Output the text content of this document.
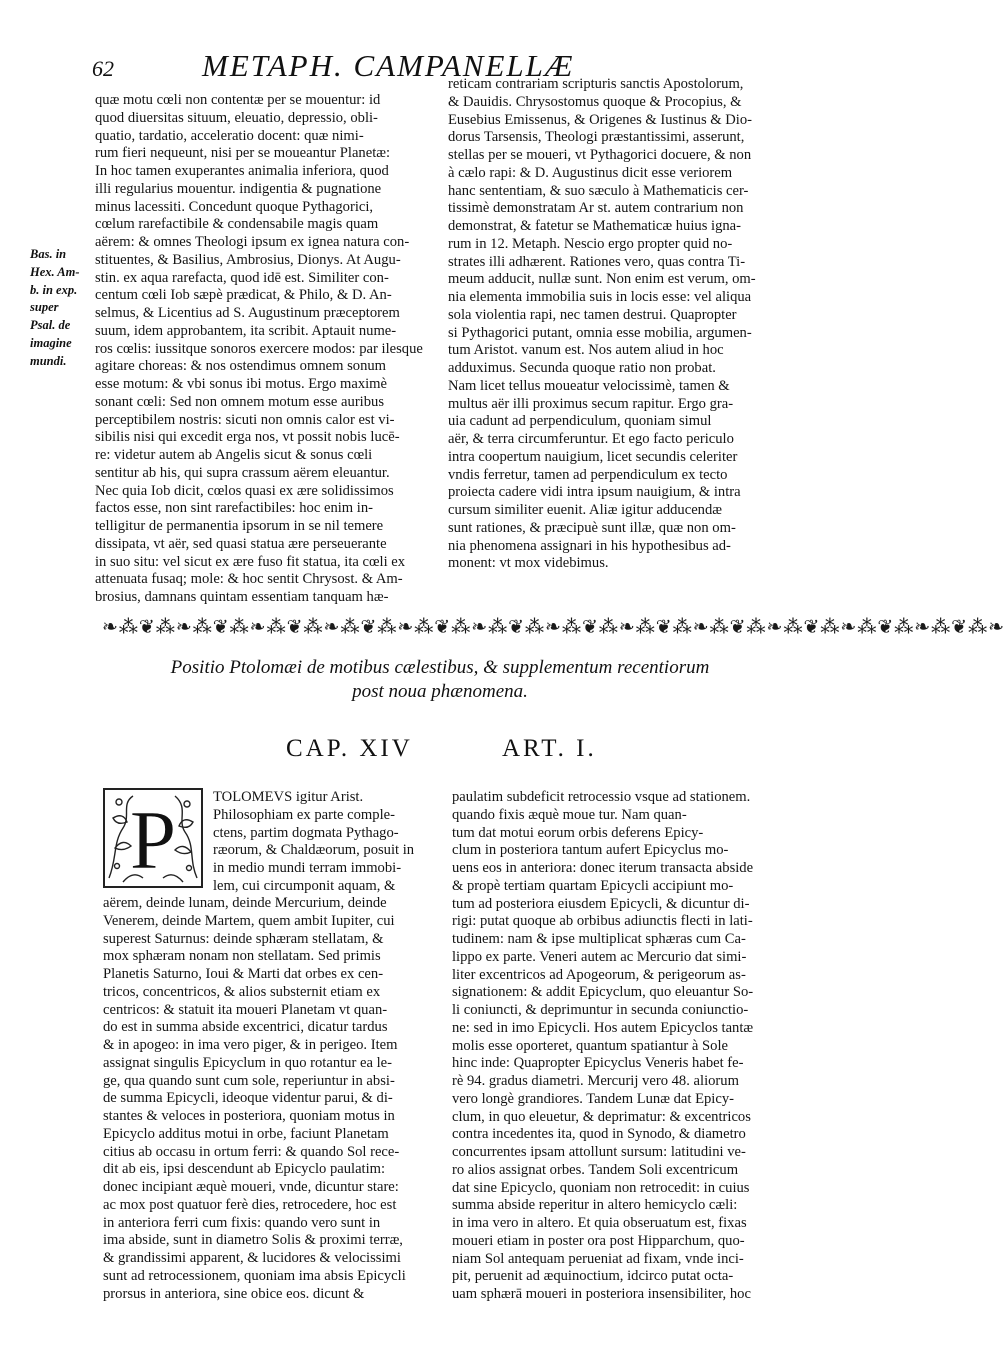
62	METAPH. CAMPANELLÆ
quæ motu cœli non contentæ per se mouentur: id
quod diuersitas situum, eleuatio, depressio, obli-
quatio, tardatio, acceleratio docent: quæ nimi-
rum fieri nequeunt, nisi per se moueantur Planetæ:
In hoc tamen exuperantes animalia inferiora, quod
illi regularius mouentur. indigentia & pugnatione
minus lacessiti. Concedunt quoque Pythagorici,
cœlum rarefactibile & condensabile magis quam
aërem: & omnes Theologi ipsum ex ignea natura con-
stituentes, & Basilius, Ambrosius, Dionys. At Augu-
stin. ex aqua rarefacta, quod idē est. Similiter con-
centum cœli Iob sæpè prædicat, & Philo, & D. An-
selmus, & Licentius ad S. Augustinum præceptorem
suum, idem approbantem, ita scribit. Aptauit nume-
ros cœlis: iussitque sonoros exercere modos: par ilesque
agitare choreas: & nos ostendimus omnem sonum
esse motum: & vbi sonus ibi motus. Ergo maximè
sonant cœli: Sed non omnem motum esse auribus
perceptibilem nostris: sicuti non omnis calor est vi-
sibilis nisi qui excedit erga nos, vt possit nobis lucē-
re: videtur autem ab Angelis sicut & sonus cœli
sentitur ab his, qui supra crassum aërem eleuantur.
Nec quia Iob dicit, cœlos quasi ex ære solidissimos
factos esse, non sint rarefactibiles: hoc enim in-
telligitur de permanentia ipsorum in se nil temere
dissipata, vt aër, sed quasi statua ære perseuerante
in suo situ: vel sicut ex ære fuso fit statua, ita cœli ex
attenuata fusaq; mole: & hoc sentit Chrysost. & Am-
brosius, damnans quintam essentiam tanquam hæ-
Bas. in
Hex. Am-
b. in exp.
super
Psal. de
imagine
mundi.
reticam contrariam scripturis sanctis Apostolorum,
& Dauidis. Chrysostomus quoque & Procopius, &
Eusebius Emissenus, & Origenes & Iustinus & Dio-
dorus Tarsensis, Theologi præstantissimi, asserunt,
stellas per se moueri, vt Pythagorici docuere, & non
à cælo rapi: & D. Augustinus dicit esse veriorem
hanc sententiam, & suo sæculo à Mathematicis cer-
tissimè demonstratam Ar st. autem contrarium non
demonstrat, & fatetur se Mathematicæ huius igna-
rum in 12. Metaph. Nescio ergo propter quid no-
strates illi adhærent. Rationes vero, quas contra Ti-
meum adducit, nullæ sunt. Non enim est verum, om-
nia elementa immobilia suis in locis esse: vel aliqua
sola violentia rapi, nec tamen destrui. Quapropter
si Pythagorici putant, omnia esse mobilia, argumen-
tum Aristot. vanum est. Nos autem aliud in hoc
adduximus. Secunda quoque ratio non probat.
Nam licet tellus moueatur velocissimè, tamen &
multus aër illi proximus secum rapitur. Ergo gra-
uia cadunt ad perpendiculum, quoniam simul
aër, & terra circumferuntur. Et ego facto periculo
intra coopertum nauigium, licet secundis celeriter
vndis ferretur, tamen ad perpendiculum ex tecto
proiecta cadere vidi intra ipsum nauigium, & intra
cursum similiter euenit. Aliæ igitur adducendæ
sunt rationes, & præcipuè sunt illæ, quæ non om-
nia phenomena assignari in his hypothesibus ad-
monent: vt mox videbimus.
❧⁂❦⁂❧⁂❦⁂❧⁂❦⁂❧⁂❦⁂❧⁂❦⁂❧⁂❦⁂❧⁂❦⁂❧⁂❦⁂❧⁂❦⁂❧⁂❦⁂❧⁂❦⁂❧⁂❦⁂❧
Positio Ptolomæi de motibus cælestibus, & supplementum recentiorum
post noua phænomena.
CAP. XIV	ART. I.
P	TOLOMEVS igitur Arist.
Philosophiam ex parte comple-
ctens, partim dogmata Pythago-
ræorum, & Chaldæorum, posuit in
in medio mundi terram immobi-
lem, cui circumponit aquam, &
aërem, deinde lunam, deinde Mercurium, deinde
Venerem, deinde Martem, quem ambit Iupiter, cui
superest Saturnus: deinde sphæram stellatam, &
mox sphæram nonam non stellatam. Sed primis
Planetis Saturno, Ioui & Marti dat orbes ex cen-
tricos, concentricos, & alios substernit etiam ex
centricos: & statuit ita moueri Planetam vt quan-
do est in summa abside excentrici, dicatur tardus
& in apogeo: in ima vero piger, & in perigeo. Item
assignat singulis Epicyclum in quo rotantur ea le-
ge, qua quando sunt cum sole, reperiuntur in absi-
de summa Epicycli, ideoque videntur parui, & di-
stantes & veloces in posteriora, quoniam motus in
Epicyclo additus motui in orbe, faciunt Planetam
citius ab occasu in ortum ferri: & quando Sol rece-
dit ab eis, ipsi descendunt ab Epicyclo paulatim:
donec incipiant æquè moueri, vnde, dicuntur stare:
ac mox post quatuor ferè dies, retrocedere, hoc est
in anteriora ferri cum fixis: quando vero sunt in
ima abside, sunt in diametro Solis & proximi terræ,
& grandissimi apparent, & lucidores & velocissimi
sunt ad retrocessionem, quoniam ima absis Epicycli
prorsus in anteriora, sine obice eos. dicunt &
paulatim subdeficit retrocessio vsque ad stationem.
quando fixis æquè moue tur. Nam quan-
tum dat motui eorum orbis deferens Epicy-
clum in posteriora tantum aufert Epicyclus mo-
uens eos in anteriora: donec iterum transacta abside
& propè tertiam quartam Epicycli accipiunt mo-
tum ad posteriora eiusdem Epicycli, & dicuntur di-
rigi: putat quoque ab orbibus adiunctis flecti in lati-
tudinem: nam & ipse multiplicat sphæras cum Ca-
lippo ex parte. Veneri autem ac Mercurio dat simi-
liter excentricos ad Apogeorum, & perigeorum as-
signationem: & addit Epicyclum, quo eleuantur So-
li coniuncti, & deprimuntur in secunda coniunctio-
ne: sed in imo Epicycli. Hos autem Epicyclos tantæ
molis esse oporteret, quantum spatiantur à Sole
hinc inde: Quapropter Epicyclus Veneris habet fe-
rè 94. gradus diametri. Mercurij vero 48. aliorum
vero longè grandiores. Tandem Lunæ dat Epicy-
clum, in quo eleuetur, & deprimatur: & excentricos
contra incedentes ita, quod in Synodo, & diametro
concurrentes ipsam attollunt sursum: latitudini ve-
ro alios assignat orbes. Tandem Soli excentricum
dat sine Epicyclo, quoniam non retrocedit: in cuius
summa abside reperitur in altero hemicyclo cæli:
in ima vero in altero. Et quia obseruatum est, fixas
moueri etiam in poster ora post Hipparchum, quo-
niam Sol antequam perueniat ad fixam, vnde inci-
pit, peruenit ad æquinoctium, idcirco putat octa-
uam sphærā moueri in posteriora insensibiliter, hoc
